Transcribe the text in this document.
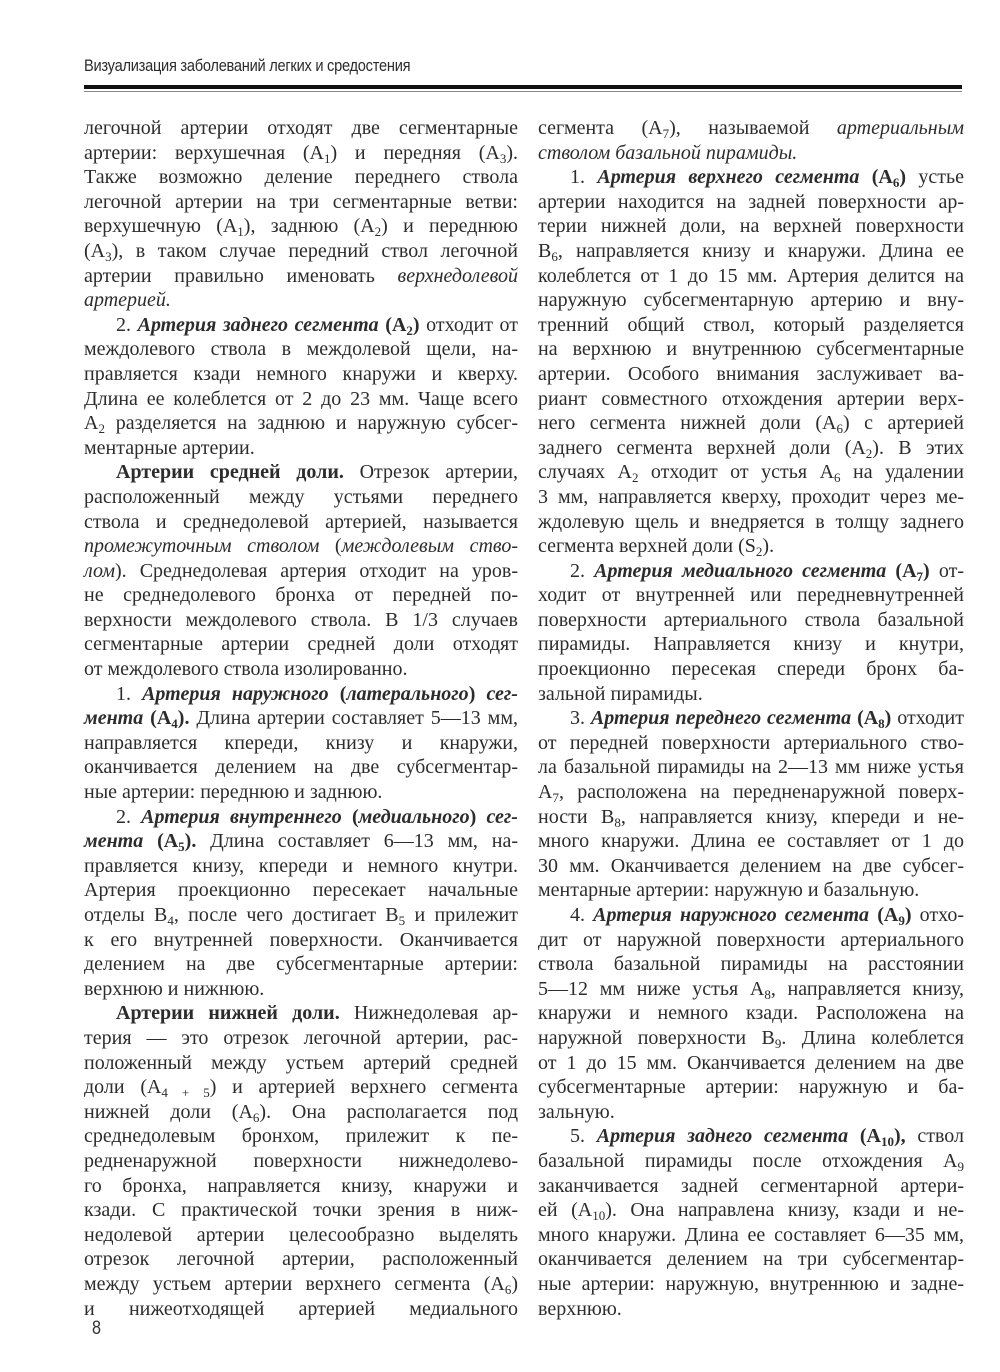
Визуализация заболеваний легких и средостения
легочной артерии отходят две сегментарные
артерии: верхушечная $(A_1)$ и передняя $(A_3)$.
Также возможно деление переднего ствола
легочной артерии на три сегментарные ветви:
верхушечную $(A_1)$, заднюю $(A_2)$ и переднюю
$(A_3)$, в таком случае передний ствол легочной
артерии правильно именовать верхнедолевой
артерией.
2. Артерия заднего сегмента $(A_2)$ отходит от
междолевого ствола в междолевой щели, на-
правляется кзади немного кнаружи и кверху.
Длина ее колеблется от 2 до 23 мм. Чаще всего
$A_2$ разделяется на заднюю и наружную субсег-
ментарные артерии.
Артерии средней доли. Отрезок артерии,
расположенный между устьями переднего
ствола и среднедолевой артерией, называется
промежуточным стволом (междолевым ство-
лом). Среднедолевая артерия отходит на уров-
не среднедолевого бронха от передней по-
верхности междолевого ствола. В 1/3 случаев
сегментарные артерии средней доли отходят
от междолевого ствола изолированно.
1. Артерия наружного (латерального) сег-
мента $(A_4)$. Длина артерии составляет 5—13 мм,
направляется кпереди, книзу и кнаружи,
оканчивается делением на две субсегментар-
ные артерии: переднюю и заднюю.
2. Артерия внутреннего (медиального) сег-
мента $(A_5)$. Длина составляет 6—13 мм, на-
правляется книзу, кпереди и немного кнутри.
Артерия проекционно пересекает начальные
отделы $B_4$, после чего достигает $B_5$ и прилежит
к его внутренней поверхности. Оканчивается
делением на две субсегментарные артерии:
верхнюю и нижнюю.
Артерии нижней доли. Нижнедолевая ар-
терия — это отрезок легочной артерии, рас-
положенный между устьем артерий средней
доли $(A_{4 + 5})$ и артерией верхнего сегмента
нижней доли $(A_6)$. Она располагается под
среднедолевым бронхом, прилежит к пе-
редненаружной поверхности нижнедолево-
го бронха, направляется книзу, кнаружи и
кзади. С практической точки зрения в ниж-
недолевой артерии целесообразно выделять
отрезок легочной артерии, расположенный
между устьем артерии верхнего сегмента $(A_6)$
и нижеотходящей артерией медиального
сегмента $(A_7)$, называемой артериальным
стволом базальной пирамиды.
1. Артерия верхнего сегмента $(A_6)$ устье
артерии находится на задней поверхности ар-
терии нижней доли, на верхней поверхности
$B_6$, направляется книзу и кнаружи. Длина ее
колеблется от 1 до 15 мм. Артерия делится на
наружную субсегментарную артерию и вну-
тренний общий ствол, который разделяется
на верхнюю и внутреннюю субсегментарные
артерии. Особого внимания заслуживает ва-
риант совместного отхождения артерии верх-
него сегмента нижней доли $(A_6)$ с артерией
заднего сегмента верхней доли $(A_2)$. В этих
случаях $A_2$ отходит от устья $A_6$ на удалении
3 мм, направляется кверху, проходит через ме-
ждолевую щель и внедряется в толщу заднего
сегмента верхней доли $(S_2)$.
2. Артерия медиального сегмента $(A_7)$ от-
ходит от внутренней или передневнутренней
поверхности артериального ствола базальной
пирамиды. Направляется книзу и кнутри,
проекционно пересекая спереди бронх ба-
зальной пирамиды.
3. Артерия переднего сегмента $(A_8)$ отходит
от передней поверхности артериального ство-
ла базальной пирамиды на 2—13 мм ниже устья
$A_7$, расположена на передненаружной поверх-
ности $B_8$, направляется книзу, кпереди и не-
много кнаружи. Длина ее составляет от 1 до
30 мм. Оканчивается делением на две субсег-
ментарные артерии: наружную и базальную.
4. Артерия наружного сегмента $(A_9)$ отхо-
дит от наружной поверхности артериального
ствола базальной пирамиды на расстоянии
5—12 мм ниже устья $A_8$, направляется книзу,
кнаружи и немного кзади. Расположена на
наружной поверхности $B_9$. Длина колеблется
от 1 до 15 мм. Оканчивается делением на две
субсегментарные артерии: наружную и ба-
зальную.
5. Артерия заднего сегмента $(A_{10})$, ствол
базальной пирамиды после отхождения $A_9$
заканчивается задней сегментарной артери-
ей $(A_{10})$. Она направлена книзу, кзади и не-
много кнаружи. Длина ее составляет 6—35 мм,
оканчивается делением на три субсегментар-
ные артерии: наружную, внутреннюю и задне-
верхнюю.
8
